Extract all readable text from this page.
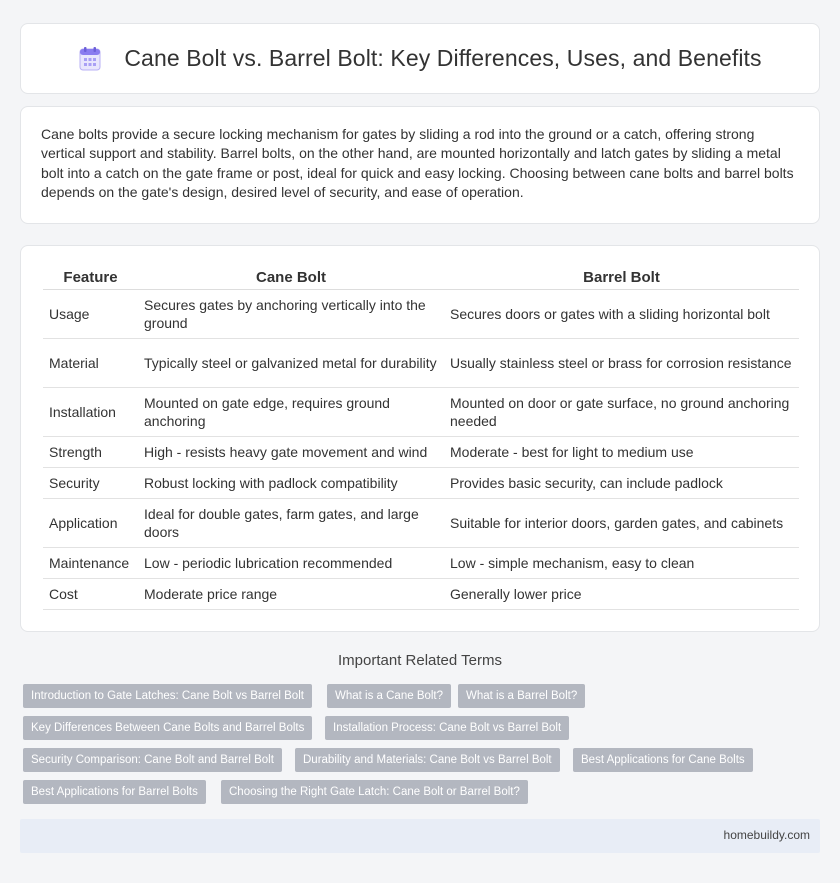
Cane Bolt vs. Barrel Bolt: Key Differences, Uses, and Benefits

Cane bolts provide a secure locking mechanism for gates by sliding a rod into the ground or a catch, offering strong vertical support and stability. Barrel bolts, on the other hand, are mounted horizontally and latch gates by sliding a metal bolt into a catch on the gate frame or post, ideal for quick and easy locking. Choosing between cane bolts and barrel bolts depends on the gate's design, desired level of security, and ease of operation.

Feature	Cane Bolt	Barrel Bolt
Usage	Secures gates by anchoring vertically into the ground	Secures doors or gates with a sliding horizontal bolt
Material	Typically steel or galvanized metal for durability	Usually stainless steel or brass for corrosion resistance
Installation	Mounted on gate edge, requires ground anchoring	Mounted on door or gate surface, no ground anchoring needed
Strength	High - resists heavy gate movement and wind	Moderate - best for light to medium use
Security	Robust locking with padlock compatibility	Provides basic security, can include padlock
Application	Ideal for double gates, farm gates, and large doors	Suitable for interior doors, garden gates, and cabinets
Maintenance	Low - periodic lubrication recommended	Low - simple mechanism, easy to clean
Cost	Moderate price range	Generally lower price
Important Related Terms
Introduction to Gate Latches: Cane Bolt vs Barrel Bolt	What is a Cane Bolt?	What is a Barrel Bolt?
Key Differences Between Cane Bolts and Barrel Bolts	Installation Process: Cane Bolt vs Barrel Bolt
Security Comparison: Cane Bolt and Barrel Bolt	Durability and Materials: Cane Bolt vs Barrel Bolt	Best Applications for Cane Bolts
Best Applications for Barrel Bolts	Choosing the Right Gate Latch: Cane Bolt or Barrel Bolt?
homebuildy.com
